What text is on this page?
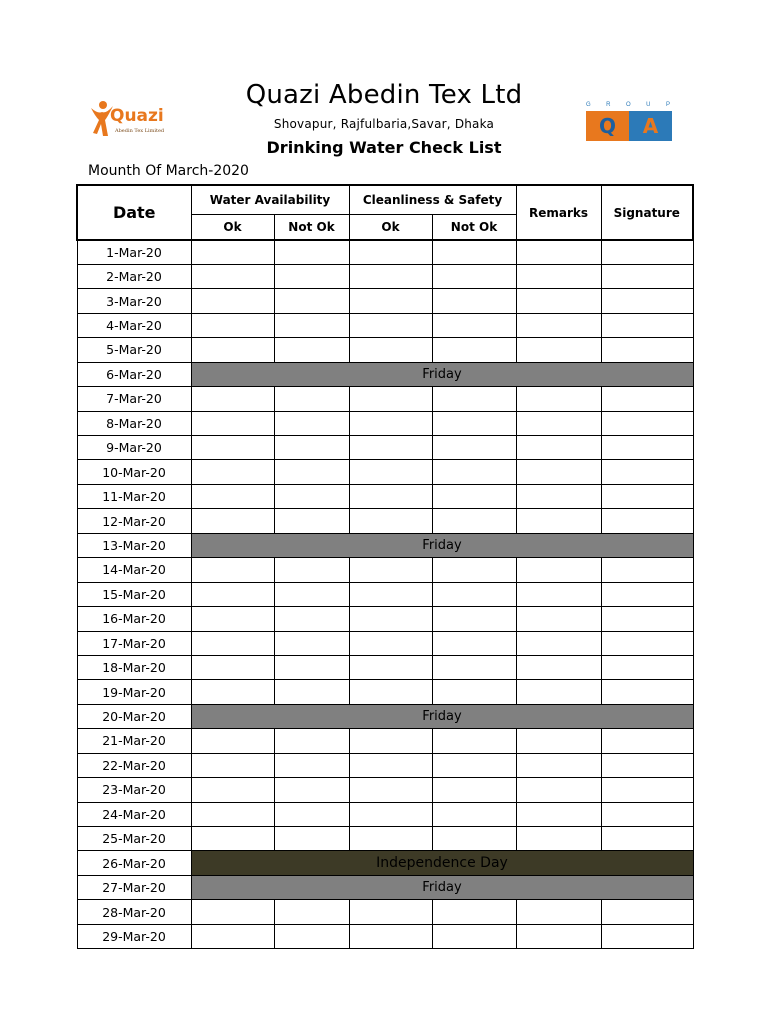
Quazi
Abedin Tex Limited
G R O U P
Q	A
Quazi Abedin Tex Ltd
Shovapur, Rajfulbaria,Savar, Dhaka
Drinking Water Check List
Mounth Of March-2020
Date	Water Availability		Cleanliness & Safety		Remarks	Signature
	Ok	Not Ok	Ok	Not Ok		
1-Mar-20						
2-Mar-20						
3-Mar-20						
4-Mar-20						
5-Mar-20						
6-Mar-20	Friday					
7-Mar-20						
8-Mar-20						
9-Mar-20						
10-Mar-20						
11-Mar-20						
12-Mar-20						
13-Mar-20	Friday					
14-Mar-20						
15-Mar-20						
16-Mar-20						
17-Mar-20						
18-Mar-20						
19-Mar-20						
20-Mar-20	Friday					
21-Mar-20						
22-Mar-20						
23-Mar-20						
24-Mar-20						
25-Mar-20						
26-Mar-20	Independence Day					
27-Mar-20	Friday					
28-Mar-20						
29-Mar-20						
